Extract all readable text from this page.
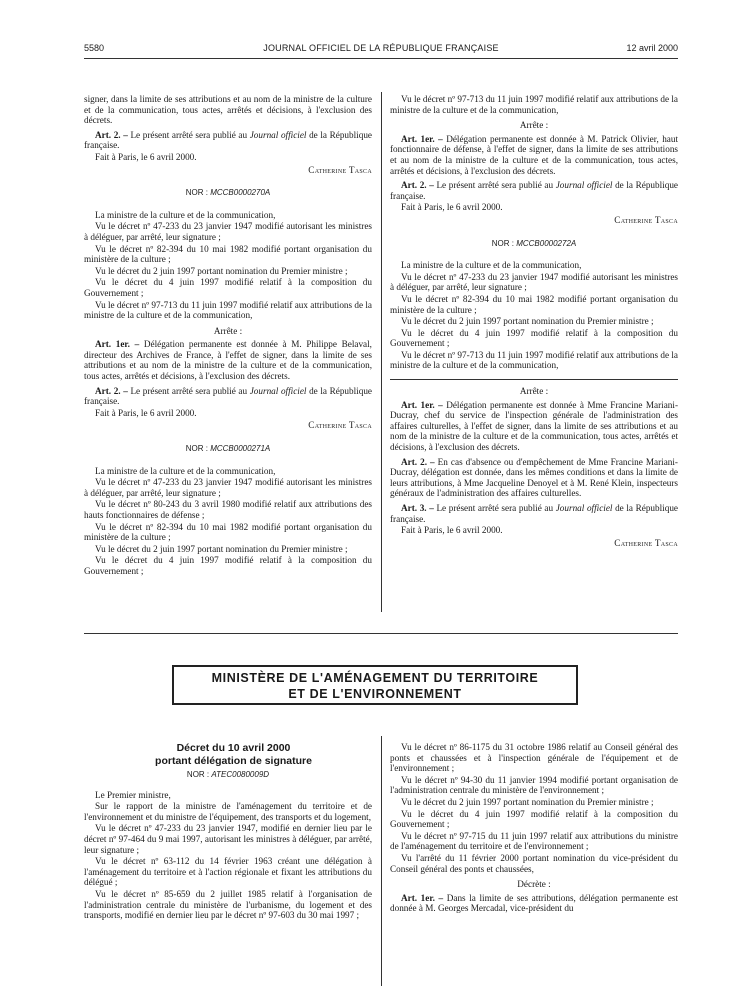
5580	JOURNAL OFFICIEL DE LA RÉPUBLIQUE FRANÇAISE	12 avril 2000

signer, dans la limite de ses attributions et au nom de la ministre de la culture et de la communication, tous actes, arrêtés et décisions, à l'exclusion des décrets.

Art. 2. – Le présent arrêté sera publié au Journal officiel de la République française.

Fait à Paris, le 6 avril 2000.

Catherine Tasca

NOR : MCCB0000270A

La ministre de la culture et de la communication,

Vu le décret nº 47-233 du 23 janvier 1947 modifié autorisant les ministres à déléguer, par arrêté, leur signature ;

Vu le décret nº 82-394 du 10 mai 1982 modifié portant organisation du ministère de la culture ;

Vu le décret du 2 juin 1997 portant nomination du Premier ministre ;

Vu le décret du 4 juin 1997 modifié relatif à la composition du Gouvernement ;

Vu le décret nº 97-713 du 11 juin 1997 modifié relatif aux attributions de la ministre de la culture et de la communication,

Arrête :

Art. 1er. – Délégation permanente est donnée à M. Philippe Belaval, directeur des Archives de France, à l'effet de signer, dans la limite de ses attributions et au nom de la ministre de la culture et de la communication, tous actes, arrêtés et décisions, à l'exclusion des décrets.

Art. 2. – Le présent arrêté sera publié au Journal officiel de la République française.

Fait à Paris, le 6 avril 2000.

Catherine Tasca

NOR : MCCB0000271A

La ministre de la culture et de la communication,

Vu le décret nº 47-233 du 23 janvier 1947 modifié autorisant les ministres à déléguer, par arrêté, leur signature ;

Vu le décret nº 80-243 du 3 avril 1980 modifié relatif aux attributions des hauts fonctionnaires de défense ;

Vu le décret nº 82-394 du 10 mai 1982 modifié portant organisation du ministère de la culture ;

Vu le décret du 2 juin 1997 portant nomination du Premier ministre ;

Vu le décret du 4 juin 1997 modifié relatif à la composition du Gouvernement ;

Vu le décret nº 97-713 du 11 juin 1997 modifié relatif aux attributions de la ministre de la culture et de la communication,

Arrête :

Art. 1er. – Délégation permanente est donnée à M. Patrick Olivier, haut fonctionnaire de défense, à l'effet de signer, dans la limite de ses attributions et au nom de la ministre de la culture et de la communication, tous actes, arrêtés et décisions, à l'exclusion des décrets.

Art. 2. – Le présent arrêté sera publié au Journal officiel de la République française.

Fait à Paris, le 6 avril 2000.

Catherine Tasca

NOR : MCCB0000272A

La ministre de la culture et de la communication,

Vu le décret nº 47-233 du 23 janvier 1947 modifié autorisant les ministres à déléguer, par arrêté, leur signature ;

Vu le décret nº 82-394 du 10 mai 1982 modifié portant organisation du ministère de la culture ;

Vu le décret du 2 juin 1997 portant nomination du Premier ministre ;

Vu le décret du 4 juin 1997 modifié relatif à la composition du Gouvernement ;

Vu le décret nº 97-713 du 11 juin 1997 modifié relatif aux attributions de la ministre de la culture et de la communication,

Arrête :

Art. 1er. – Délégation permanente est donnée à Mme Francine Mariani-Ducray, chef du service de l'inspection générale de l'administration des affaires culturelles, à l'effet de signer, dans la limite de ses attributions et au nom de la ministre de la culture et de la communication, tous actes, arrêtés et décisions, à l'exclusion des décrets.

Art. 2. – En cas d'absence ou d'empêchement de Mme Francine Mariani-Ducray, délégation est donnée, dans les mêmes conditions et dans la limite de leurs attributions, à Mme Jacqueline Denoyel et à M. René Klein, inspecteurs généraux de l'administration des affaires culturelles.

Art. 3. – Le présent arrêté sera publié au Journal officiel de la République française.

Fait à Paris, le 6 avril 2000.

Catherine Tasca

MINISTÈRE DE L'AMÉNAGEMENT DU TERRITOIRE
ET DE L'ENVIRONNEMENT

Décret du 10 avril 2000

portant délégation de signature

NOR : ATEC0080009D

Le Premier ministre,

Sur le rapport de la ministre de l'aménagement du territoire et de l'environnement et du ministre de l'équipement, des transports et du logement,

Vu le décret nº 47-233 du 23 janvier 1947, modifié en dernier lieu par le décret nº 97-464 du 9 mai 1997, autorisant les ministres à déléguer, par arrêté, leur signature ;

Vu le décret nº 63-112 du 14 février 1963 créant une délégation à l'aménagement du territoire et à l'action régionale et fixant les attributions du délégué ;

Vu le décret nº 85-659 du 2 juillet 1985 relatif à l'organisation de l'administration centrale du ministère de l'urbanisme, du logement et des transports, modifié en dernier lieu par le décret nº 97-603 du 30 mai 1997 ;

Vu le décret nº 86-1175 du 31 octobre 1986 relatif au Conseil général des ponts et chaussées et à l'inspection générale de l'équipement et de l'environnement ;

Vu le décret nº 94-30 du 11 janvier 1994 modifié portant organisation de l'administration centrale du ministère de l'environnement ;

Vu le décret du 2 juin 1997 portant nomination du Premier ministre ;

Vu le décret du 4 juin 1997 modifié relatif à la composition du Gouvernement ;

Vu le décret nº 97-715 du 11 juin 1997 relatif aux attributions du ministre de l'aménagement du territoire et de l'environnement ;

Vu l'arrêté du 11 février 2000 portant nomination du vice-président du Conseil général des ponts et chaussées,

Décrète :

Art. 1er. – Dans la limite de ses attributions, délégation permanente est donnée à M. Georges Mercadal, vice-président du
